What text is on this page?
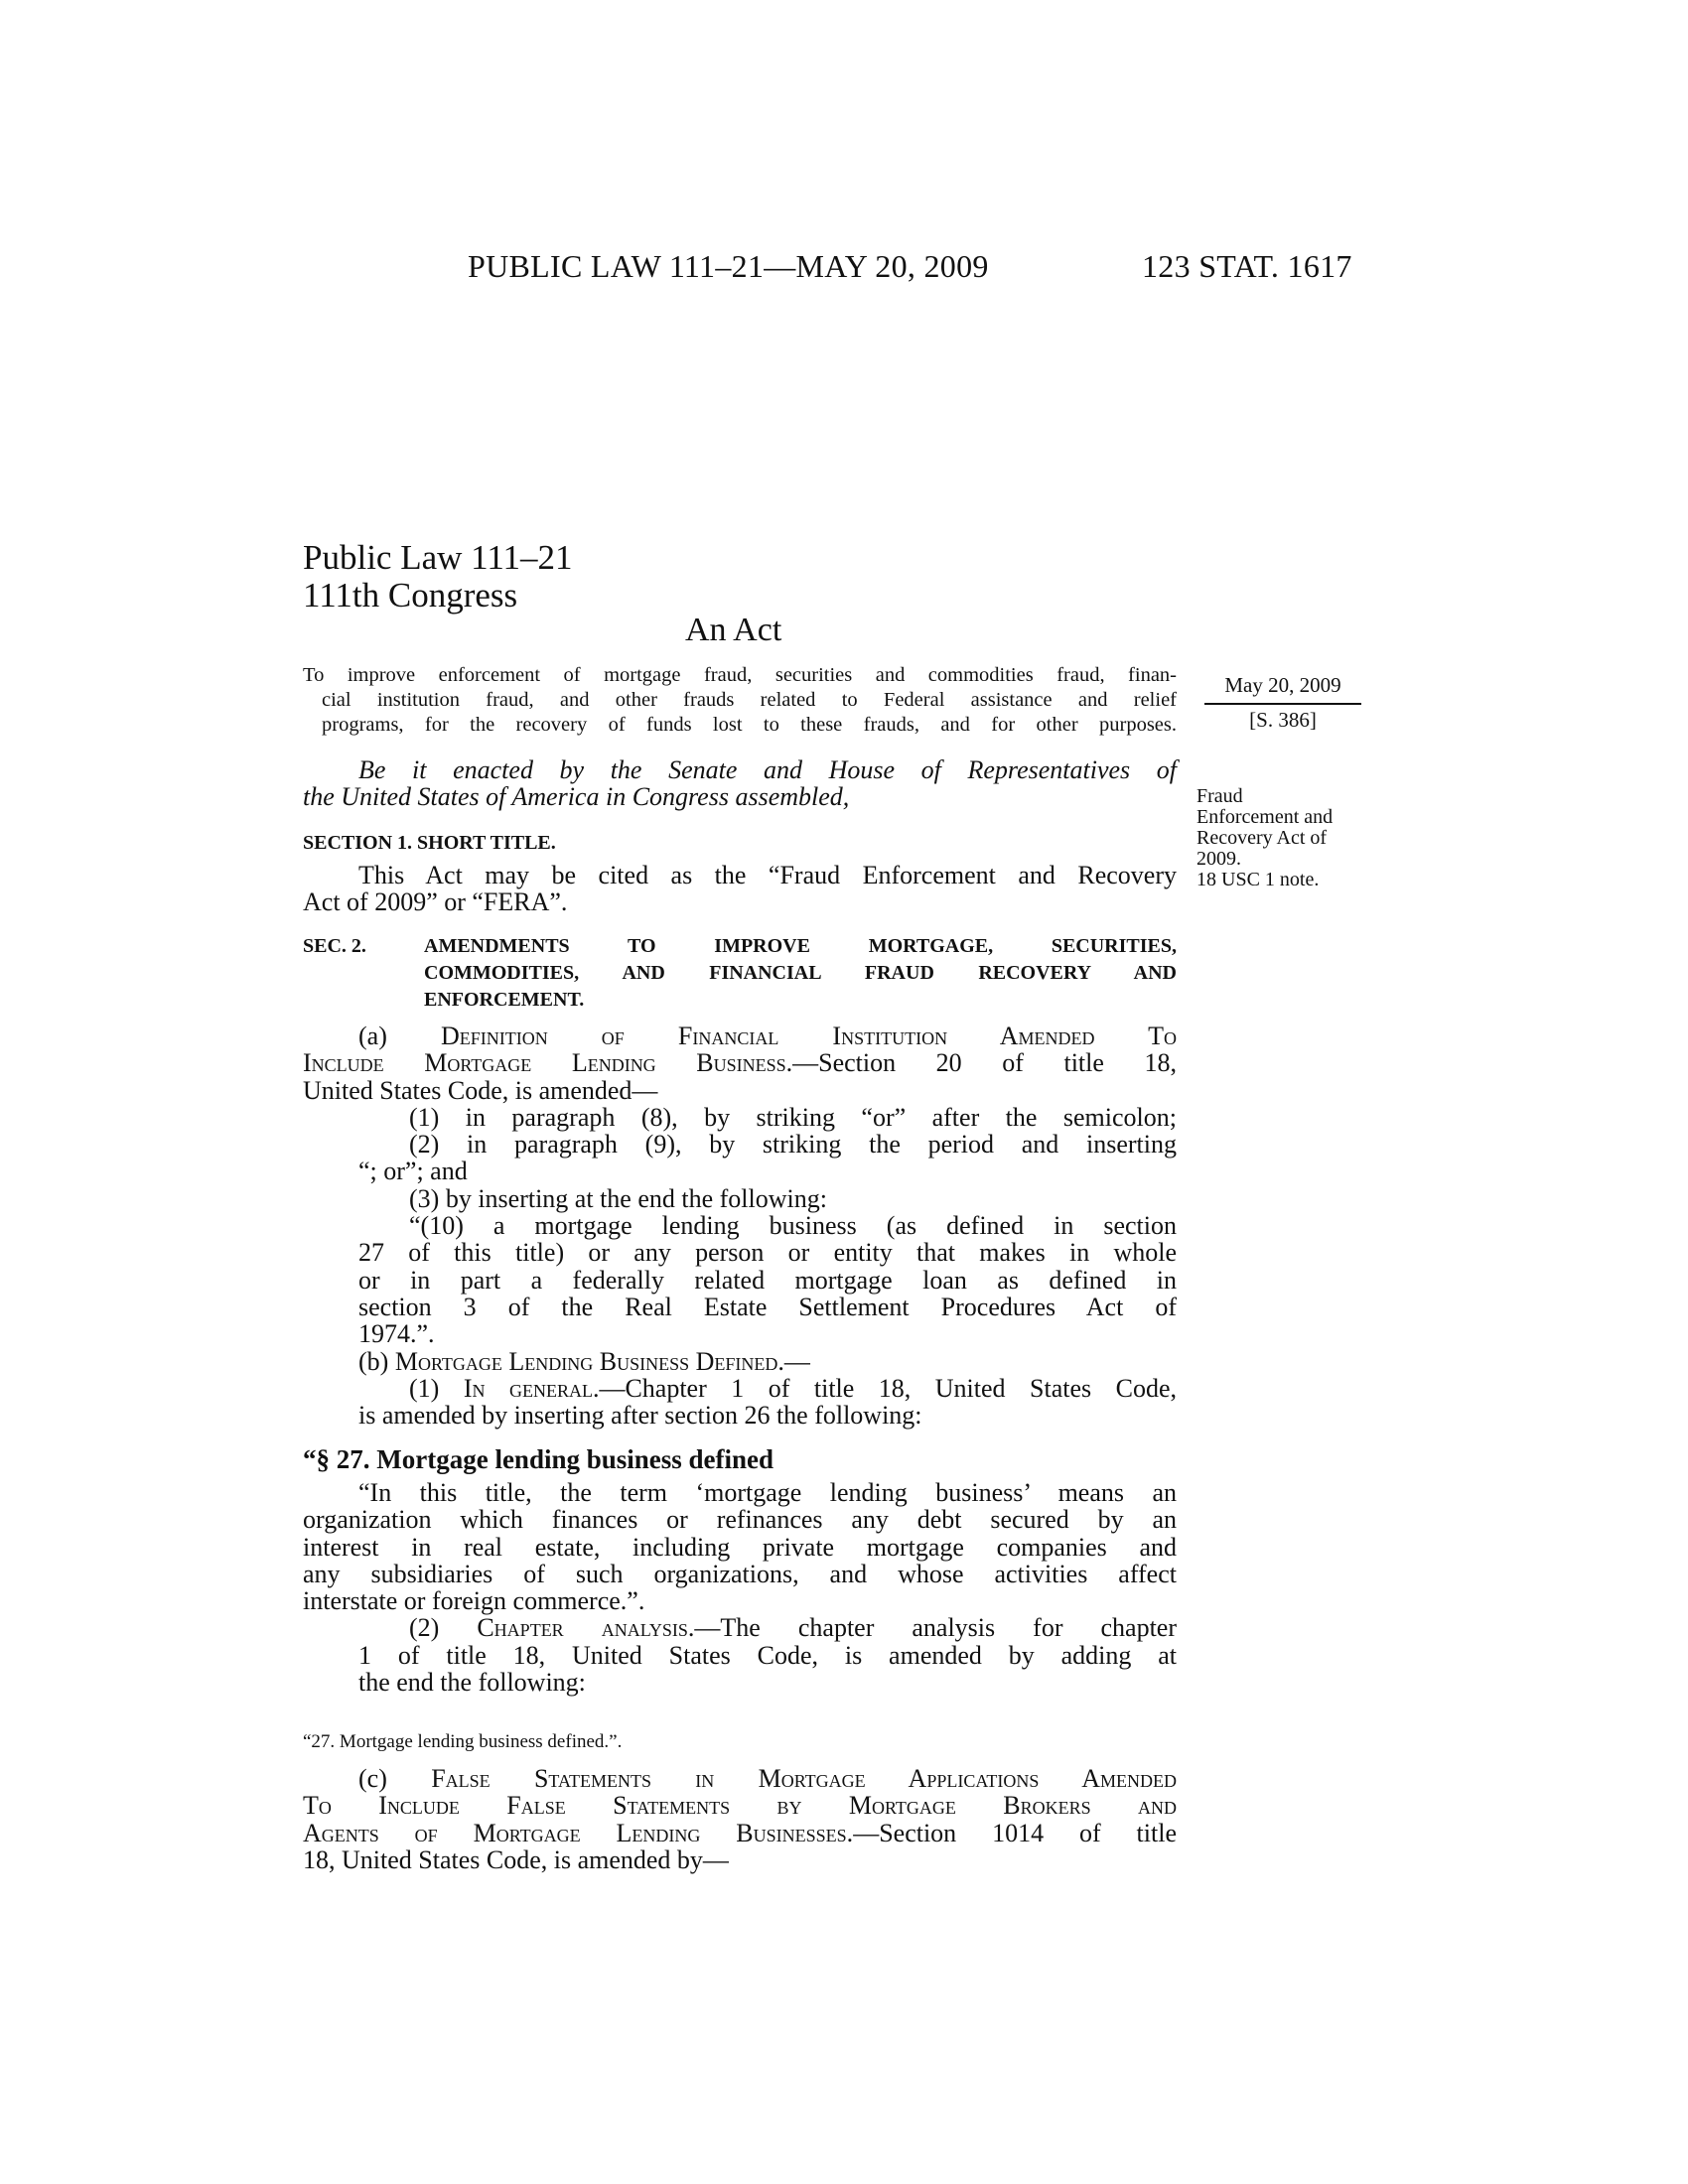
PUBLIC LAW 111–21—MAY 20, 2009	123 STAT. 1617
Public Law 111–21
111th Congress
An Act
To improve enforcement of mortgage fraud, securities and commodities fraud, finan-
cial institution fraud, and other frauds related to Federal assistance and relief
programs, for the recovery of funds lost to these frauds, and for other purposes.
May 20, 2009
[S. 386]
Fraud
Enforcement and
Recovery Act of
2009.
18 USC 1 note.
Be it enacted by the Senate and House of Representatives of
the United States of America in Congress assembled,
SECTION 1. SHORT TITLE.
This Act may be cited as the “Fraud Enforcement and Recovery
Act of 2009” or “FERA”.
SEC. 2.	AMENDMENTS TO IMPROVE MORTGAGE, SECURITIES,
COMMODITIES, AND FINANCIAL FRAUD RECOVERY AND
ENFORCEMENT.
(a) Definition of Financial Institution Amended To
Include Mortgage Lending Business.—Section 20 of title 18,
United States Code, is amended—
(1) in paragraph (8), by striking “or” after the semicolon;
(2) in paragraph (9), by striking the period and inserting
“; or”; and
(3) by inserting at the end the following:
“(10) a mortgage lending business (as defined in section
27 of this title) or any person or entity that makes in whole
or in part a federally related mortgage loan as defined in
section 3 of the Real Estate Settlement Procedures Act of
1974.”.
(b) Mortgage Lending Business Defined.—
(1) In general.—Chapter 1 of title 18, United States Code,
is amended by inserting after section 26 the following:
“§ 27. Mortgage lending business defined
“In this title, the term ‘mortgage lending business’ means an
organization which finances or refinances any debt secured by an
interest in real estate, including private mortgage companies and
any subsidiaries of such organizations, and whose activities affect
interstate or foreign commerce.”.
(2) Chapter analysis.—The chapter analysis for chapter
1 of title 18, United States Code, is amended by adding at
the end the following:
“27. Mortgage lending business defined.”.
(c) False Statements in Mortgage Applications Amended
To Include False Statements by Mortgage Brokers and
Agents of Mortgage Lending Businesses.—Section 1014 of title
18, United States Code, is amended by—
